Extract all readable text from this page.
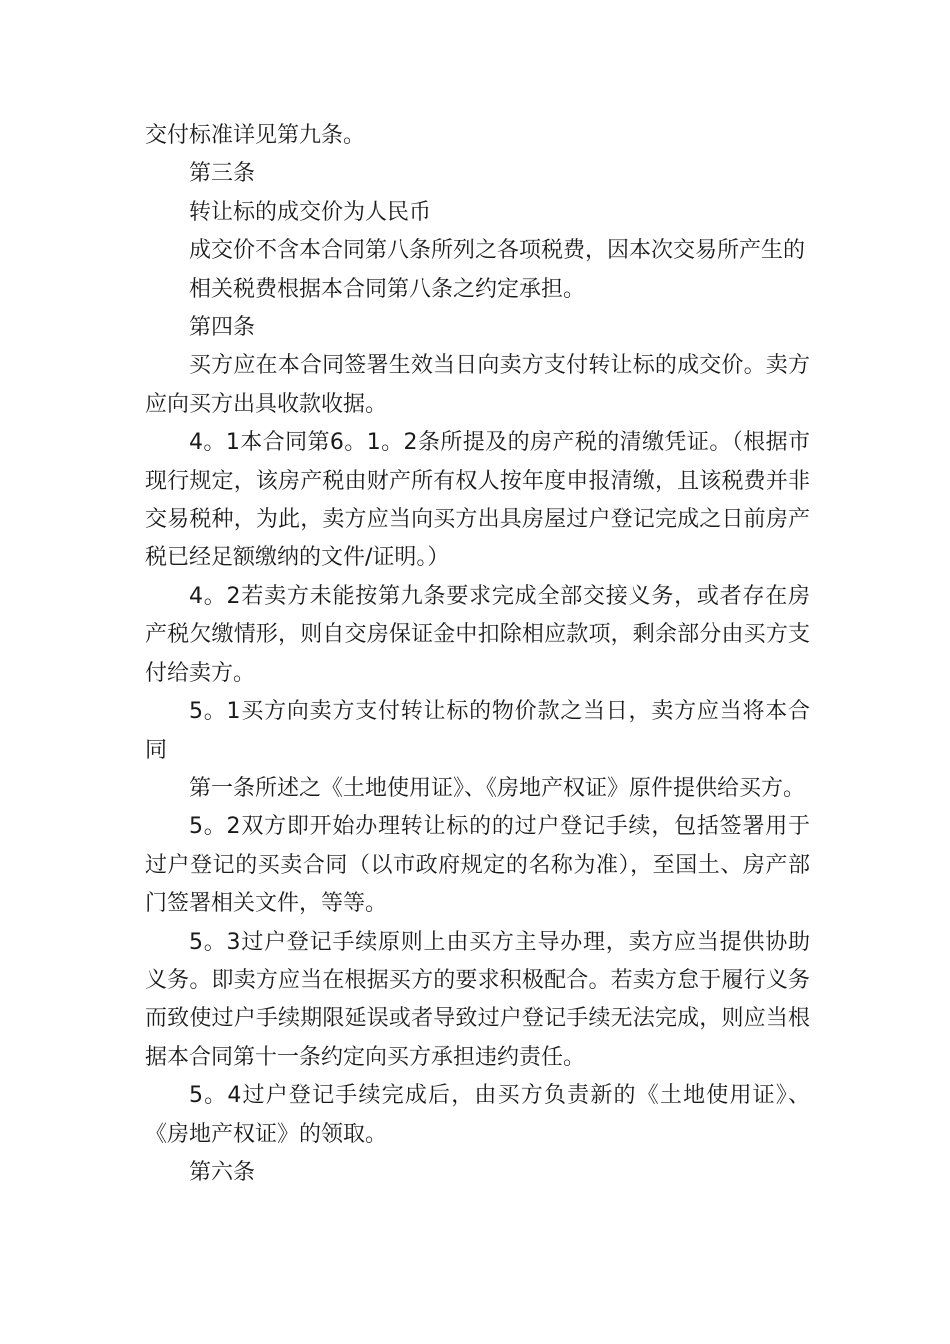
交付标准详见第九条。

第三条

转让标的成交价为人民币

成交价不含本合同第八条所列之各项税费，因本次交易所产生的

相关税费根据本合同第八条之约定承担。

第四条

买方应在本合同签署生效当日向卖方支付转让标的成交价。卖方应向买方出具收款收据。

4。1本合同第6。1。2条所提及的房产税的清缴凭证。（根据市现行规定，该房产税由财产所有权人按年度申报清缴，且该税费并非交易税种，为此，卖方应当向买方出具房屋过户登记完成之日前房产税已经足额缴纳的文件/证明。）

4。2若卖方未能按第九条要求完成全部交接义务，或者存在房产税欠缴情形，则自交房保证金中扣除相应款项，剩余部分由买方支付给卖方。

5。1买方向卖方支付转让标的物价款之当日，卖方应当将本合同

第一条所述之《土地使用证》、《房地产权证》原件提供给买方。

5。2双方即开始办理转让标的的过户登记手续，包括签署用于过户登记的买卖合同（以市政府规定的名称为准），至国土、房产部门签署相关文件，等等。

5。3过户登记手续原则上由买方主导办理，卖方应当提供协助义务。即卖方应当在根据买方的要求积极配合。若卖方怠于履行义务而致使过户手续期限延误或者导致过户登记手续无法完成，则应当根据本合同第十一条约定向买方承担违约责任。

5。4过户登记手续完成后，由买方负责新的《土地使用证》、《房地产权证》的领取。

第六条
